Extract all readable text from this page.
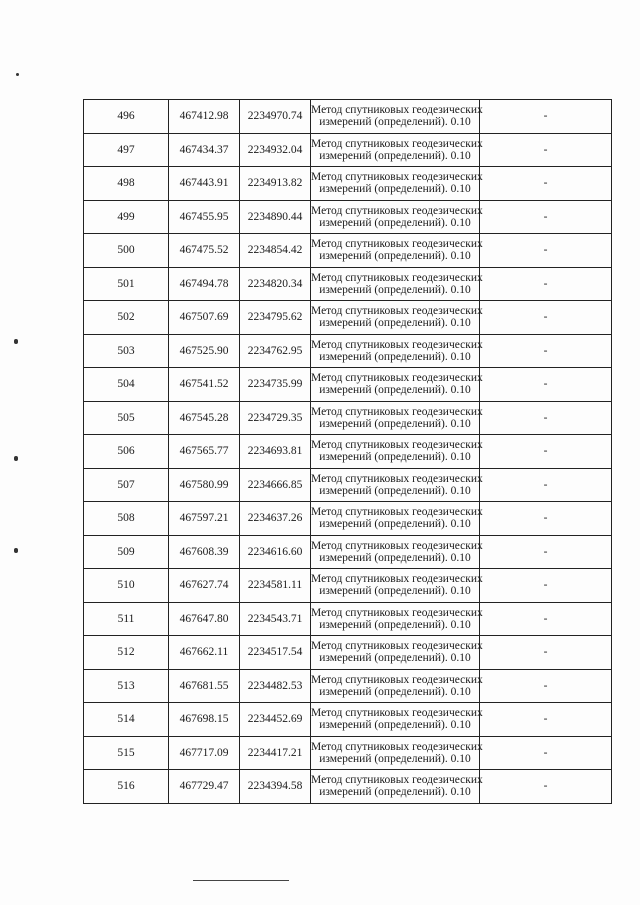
496	467412.98	2234970.74	Метод спутниковых геодезических
измерений (определений). 0.10	-
497	467434.37	2234932.04	Метод спутниковых геодезических
измерений (определений). 0.10	-
498	467443.91	2234913.82	Метод спутниковых геодезических
измерений (определений). 0.10	-
499	467455.95	2234890.44	Метод спутниковых геодезических
измерений (определений). 0.10	-
500	467475.52	2234854.42	Метод спутниковых геодезических
измерений (определений). 0.10	-
501	467494.78	2234820.34	Метод спутниковых геодезических
измерений (определений). 0.10	-
502	467507.69	2234795.62	Метод спутниковых геодезических
измерений (определений). 0.10	-
503	467525.90	2234762.95	Метод спутниковых геодезических
измерений (определений). 0.10	-
504	467541.52	2234735.99	Метод спутниковых геодезических
измерений (определений). 0.10	-
505	467545.28	2234729.35	Метод спутниковых геодезических
измерений (определений). 0.10	-
506	467565.77	2234693.81	Метод спутниковых геодезических
измерений (определений). 0.10	-
507	467580.99	2234666.85	Метод спутниковых геодезических
измерений (определений). 0.10	-
508	467597.21	2234637.26	Метод спутниковых геодезических
измерений (определений). 0.10	-
509	467608.39	2234616.60	Метод спутниковых геодезических
измерений (определений). 0.10	-
510	467627.74	2234581.11	Метод спутниковых геодезических
измерений (определений). 0.10	-
511	467647.80	2234543.71	Метод спутниковых геодезических
измерений (определений). 0.10	-
512	467662.11	2234517.54	Метод спутниковых геодезических
измерений (определений). 0.10	-
513	467681.55	2234482.53	Метод спутниковых геодезических
измерений (определений). 0.10	-
514	467698.15	2234452.69	Метод спутниковых геодезических
измерений (определений). 0.10	-
515	467717.09	2234417.21	Метод спутниковых геодезических
измерений (определений). 0.10	-
516	467729.47	2234394.58	Метод спутниковых геодезических
измерений (определений). 0.10	-
